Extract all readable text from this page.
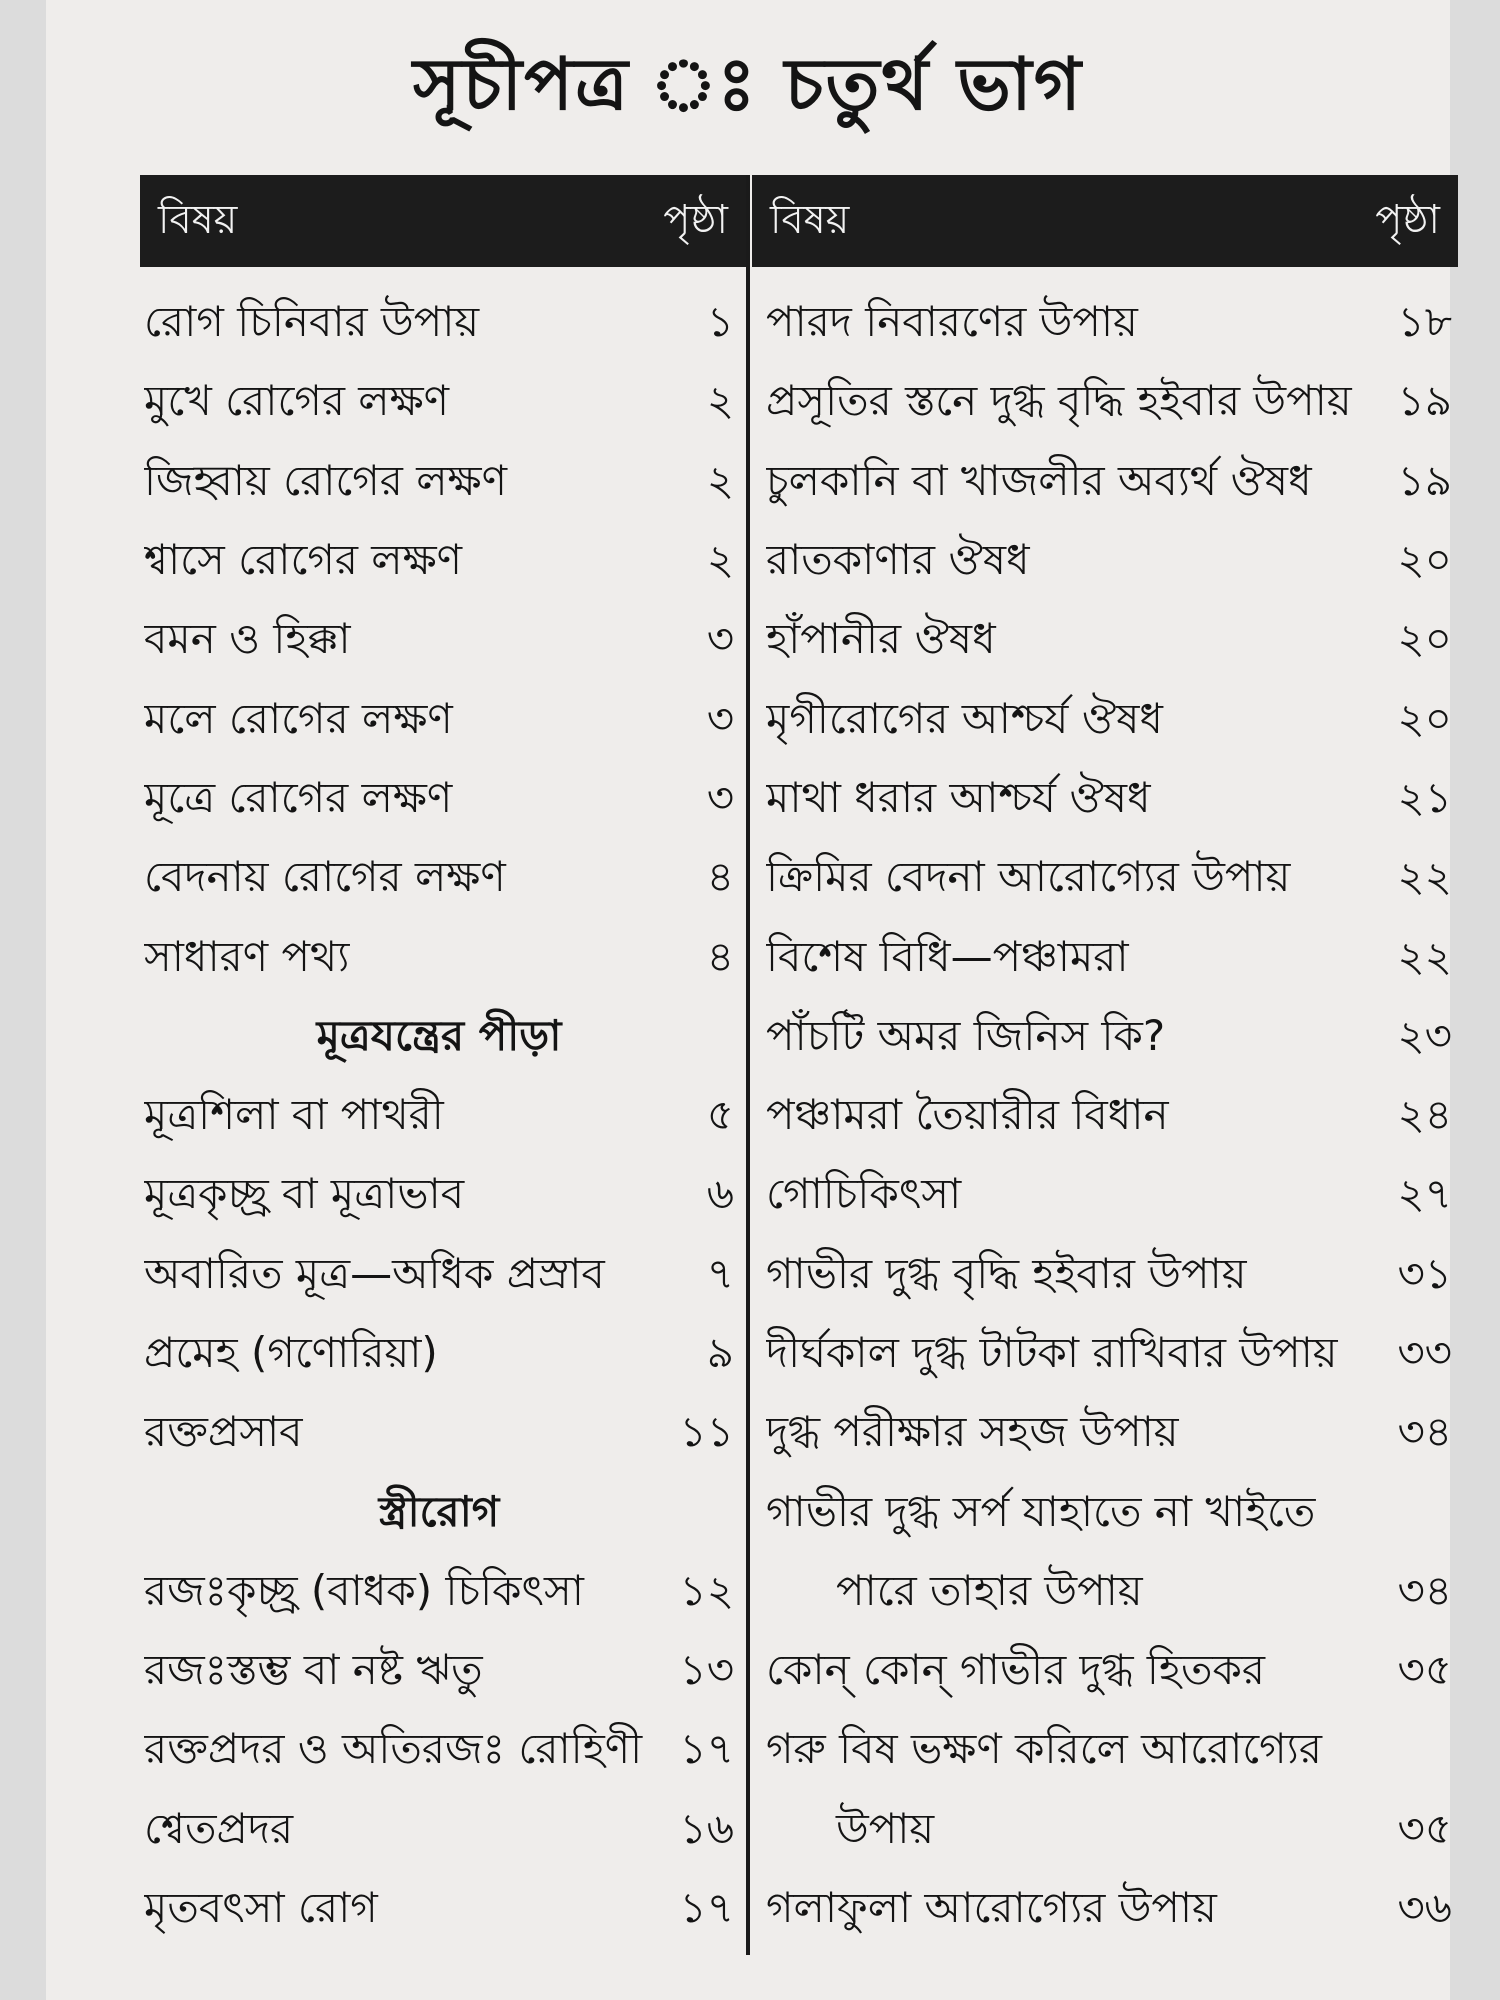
সূচীপত্র ঃ চতুর্থ ভাগ
বিষয়	পৃষ্ঠা
রোগ চিনিবার উপায়	১
মুখে রোগের লক্ষণ	২
জিহ্বায় রোগের লক্ষণ	২
শ্বাসে রোগের লক্ষণ	২
বমন ও হিক্কা	৩
মলে রোগের লক্ষণ	৩
মূত্রে রোগের লক্ষণ	৩
বেদনায় রোগের লক্ষণ	৪
সাধারণ পথ্য	৪
মূত্রযন্ত্রের পীড়া
মূত্রশিলা বা পাথরী	৫
মূত্রকৃচ্ছ্র বা মূত্রাভাব	৬
অবারিত মূত্র—অধিক প্রস্রাব	৭
প্রমেহ (গণোরিয়া)	৯
রক্তপ্রসাব	১১
স্ত্রীরোগ
রজঃকৃচ্ছ্র (বাধক) চিকিৎসা	১২
রজঃস্তম্ভ বা নষ্ট ঋতু	১৩
রক্তপ্রদর ও অতিরজঃ রোহিণী ১৭
শ্বেতপ্রদর	১৬
মৃতবৎসা রোগ	১৭
বিষয়	পৃষ্ঠা
পারদ নিবারণের উপায়	১৮
প্রসূতির স্তনে দুগ্ধ বৃদ্ধি হইবার উপায়	১৯
চুলকানি বা খাজলীর অব্যর্থ ঔষধ	১৯
রাতকাণার ঔষধ	২০
হাঁপানীর ঔষধ	২০
মৃগীরোগের আশ্চর্য ঔষধ	২০
মাথা ধরার আশ্চর্য ঔষধ	২১
ক্রিমির বেদনা আরোগ্যের উপায়	২২
বিশেষ বিধি—পঞ্চামরা	২২
পাঁচটি অমর জিনিস কি?	২৩
পঞ্চামরা তৈয়ারীর বিধান	২৪
গোচিকিৎসা	২৭
গাভীর দুগ্ধ বৃদ্ধি হইবার উপায়	৩১
দীর্ঘকাল দুগ্ধ টাটকা রাখিবার উপায়	৩৩
দুগ্ধ পরীক্ষার সহজ উপায়	৩৪
গাভীর দুগ্ধ সর্প যাহাতে না খাইতে
পারে তাহার উপায়	৩৪
কোন্ কোন্ গাভীর দুগ্ধ হিতকর	৩৫
গরু বিষ ভক্ষণ করিলে আরোগ্যের
উপায়	৩৫
গলাফুলা আরোগ্যের উপায়	৩৬
